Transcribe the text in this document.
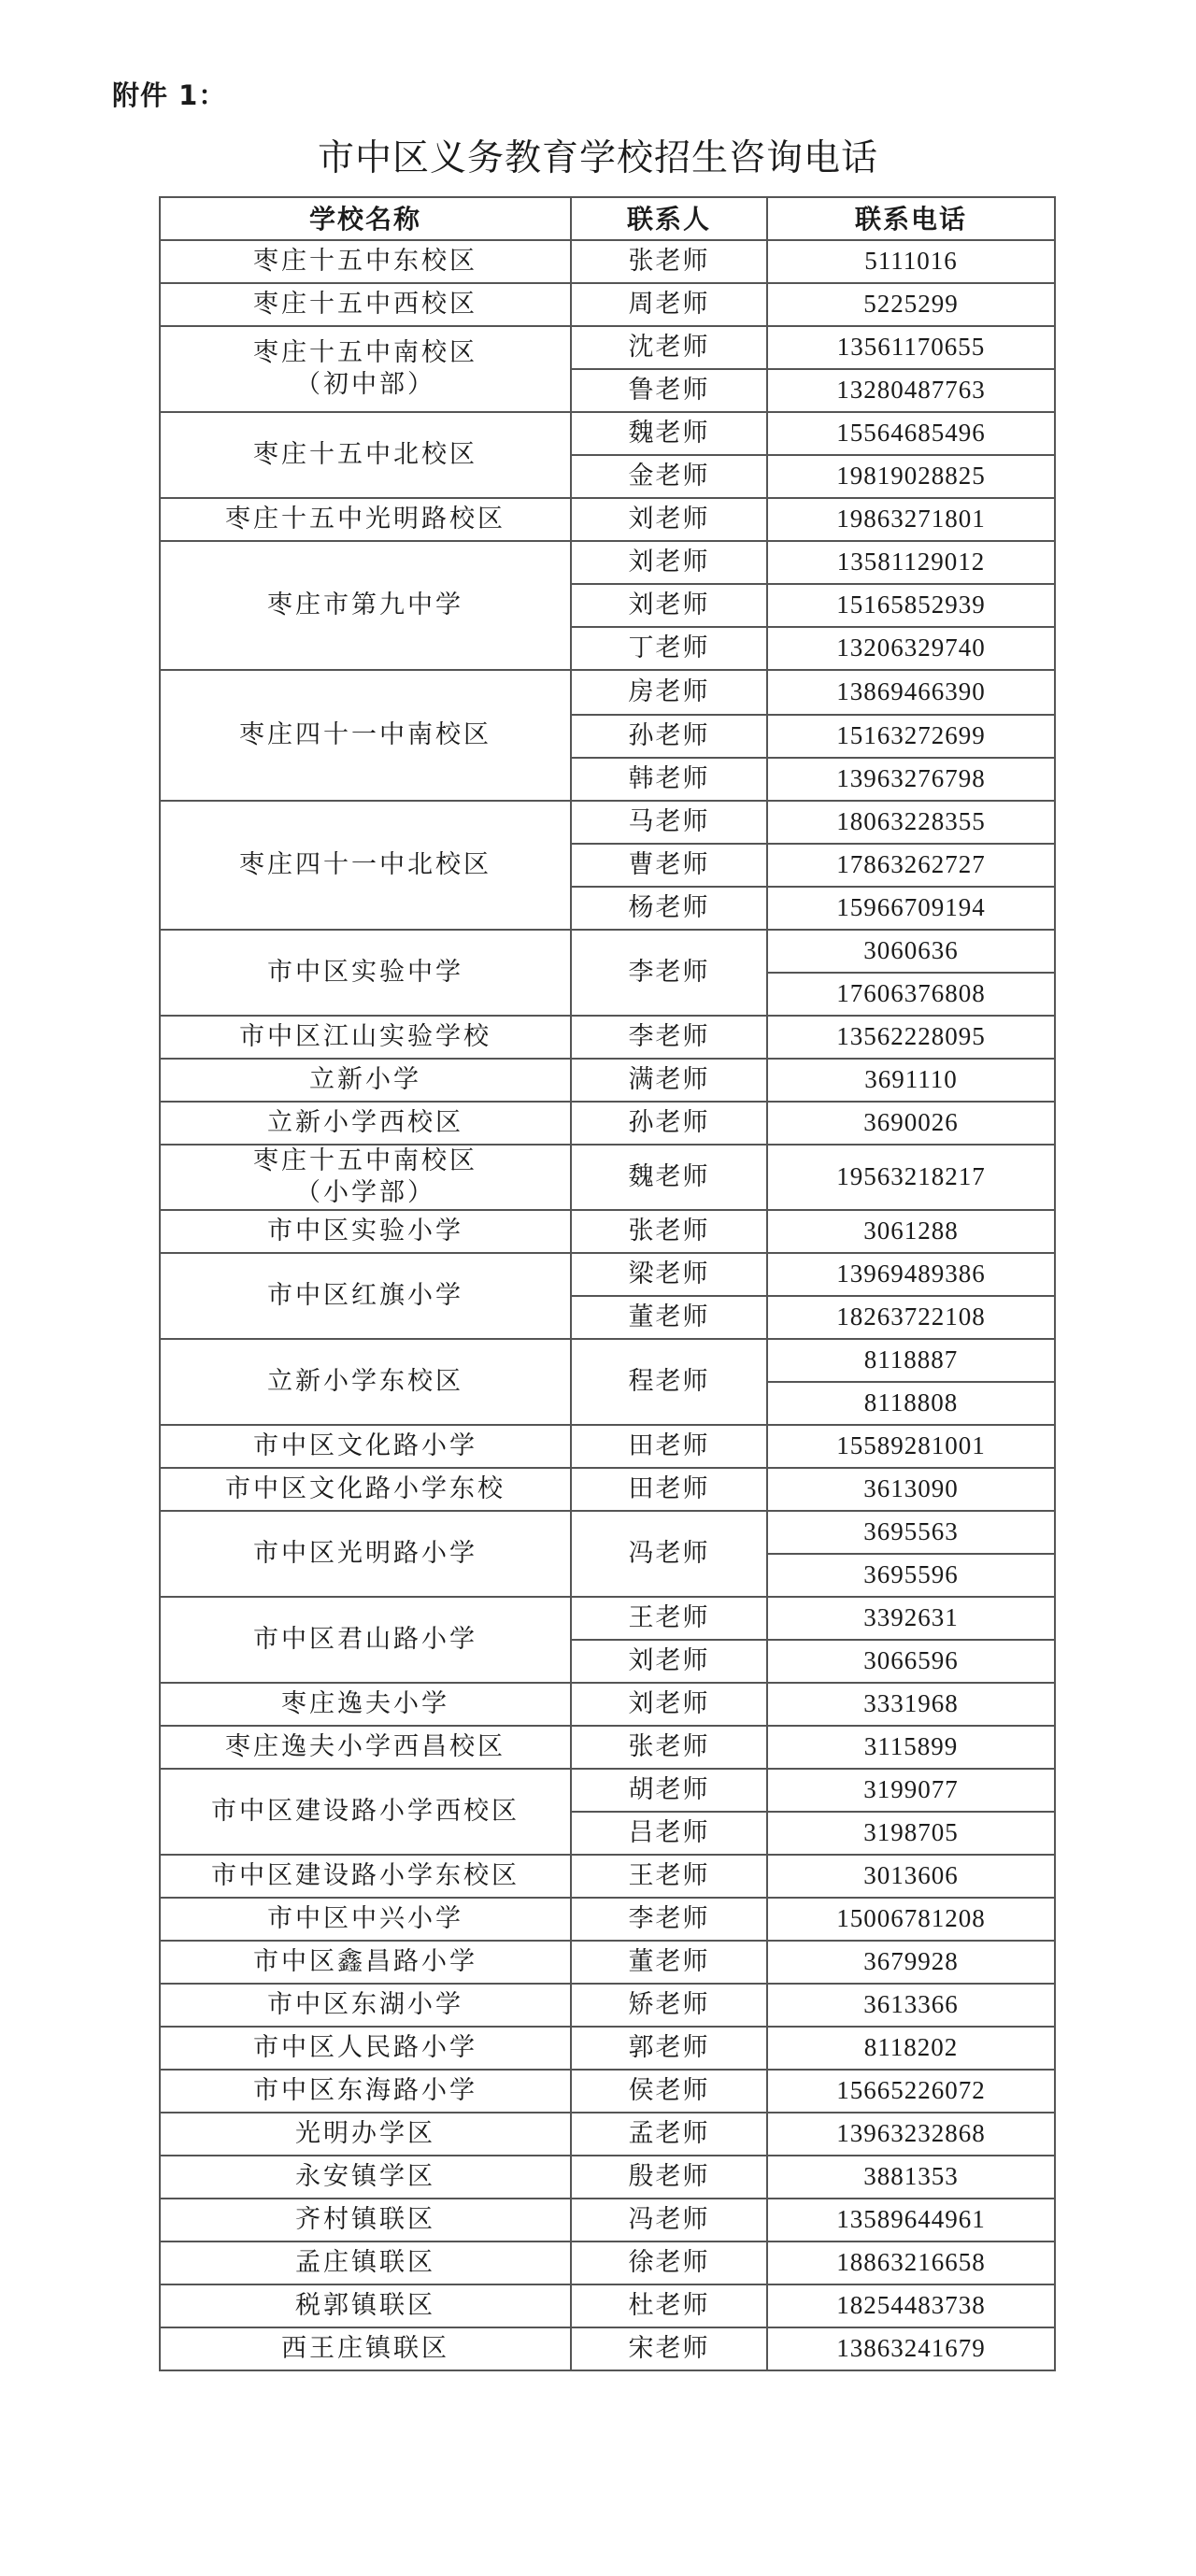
附件 1：
市中区义务教育学校招生咨询电话
学校名称	联系人	联系电话

枣庄十五中东校区	张老师	5111016

枣庄十五中西校区	周老师	5225299

枣庄十五中南校区
（初中部）	沈老师	13561170655
	鲁老师	13280487763

枣庄十五中北校区	魏老师	15564685496
	金老师	19819028825

枣庄十五中光明路校区	刘老师	19863271801

枣庄市第九中学	刘老师	13581129012
	刘老师	15165852939
	丁老师	13206329740

枣庄四十一中南校区	房老师	13869466390
	孙老师	15163272699
	韩老师	13963276798

枣庄四十一中北校区	马老师	18063228355
	曹老师	17863262727
	杨老师	15966709194

市中区实验中学	李老师	3060636
		17606376808

市中区江山实验学校	李老师	13562228095

立新小学	满老师	3691110

立新小学西校区	孙老师	3690026

枣庄十五中南校区
（小学部）	魏老师	19563218217

市中区实验小学	张老师	3061288

市中区红旗小学	梁老师	13969489386
	董老师	18263722108

立新小学东校区	程老师	8118887
		8118808

市中区文化路小学	田老师	15589281001

市中区文化路小学东校	田老师	3613090

市中区光明路小学	冯老师	3695563
		3695596

市中区君山路小学	王老师	3392631
	刘老师	3066596

枣庄逸夫小学	刘老师	3331968

枣庄逸夫小学西昌校区	张老师	3115899

市中区建设路小学西校区	胡老师	3199077
	吕老师	3198705

市中区建设路小学东校区	王老师	3013606

市中区中兴小学	李老师	15006781208

市中区鑫昌路小学	董老师	3679928

市中区东湖小学	矫老师	3613366

市中区人民路小学	郭老师	8118202

市中区东海路小学	侯老师	15665226072

光明办学区	孟老师	13963232868

永安镇学区	殷老师	3881353

齐村镇联区	冯老师	13589644961

孟庄镇联区	徐老师	18863216658

税郭镇联区	杜老师	18254483738

西王庄镇联区	宋老师	13863241679
